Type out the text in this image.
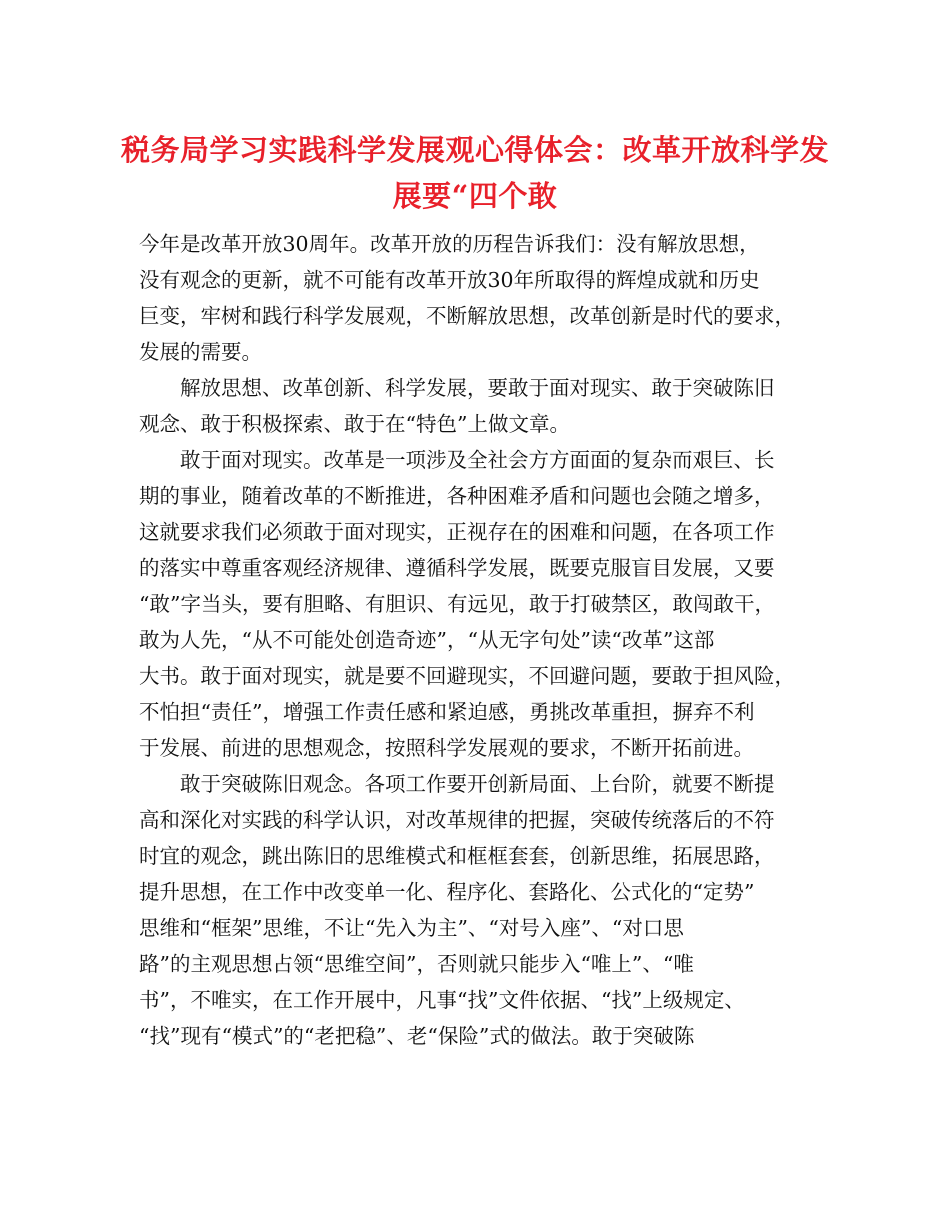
税务局学习实践科学发展观心得体会：改革开放科学发
展要“四个敢
今年是改革开放30周年。改革开放的历程告诉我们：没有解放思想，
没有观念的更新，就不可能有改革开放30年所取得的辉煌成就和历史
巨变，牢树和践行科学发展观，不断解放思想，改革创新是时代的要求，
发展的需要。
　　解放思想、改革创新、科学发展，要敢于面对现实、敢于突破陈旧
观念、敢于积极探索、敢于在“特色”上做文章。
　　敢于面对现实。改革是一项涉及全社会方方面面的复杂而艰巨、长
期的事业，随着改革的不断推进，各种困难矛盾和问题也会随之增多，
这就要求我们必须敢于面对现实，正视存在的困难和问题，在各项工作
的落实中尊重客观经济规律、遵循科学发展，既要克服盲目发展，又要
“敢”字当头，要有胆略、有胆识、有远见，敢于打破禁区，敢闯敢干，
敢为人先，“从不可能处创造奇迹”，“从无字句处”读“改革”这部
大书。敢于面对现实，就是要不回避现实，不回避问题，要敢于担风险，
不怕担“责任”，增强工作责任感和紧迫感，勇挑改革重担，摒弃不利
于发展、前进的思想观念，按照科学发展观的要求，不断开拓前进。
　　敢于突破陈旧观念。各项工作要开创新局面、上台阶，就要不断提
高和深化对实践的科学认识，对改革规律的把握，突破传统落后的不符
时宜的观念，跳出陈旧的思维模式和框框套套，创新思维，拓展思路，
提升思想，在工作中改变单一化、程序化、套路化、公式化的“定势”
思维和“框架”思维，不让“先入为主”、“对号入座”、“对口思
路”的主观思想占领“思维空间”，否则就只能步入“唯上”、“唯
书”，不唯实，在工作开展中，凡事“找”文件依据、“找”上级规定、
“找”现有“模式”的“老把稳”、老“保险”式的做法。敢于突破陈
